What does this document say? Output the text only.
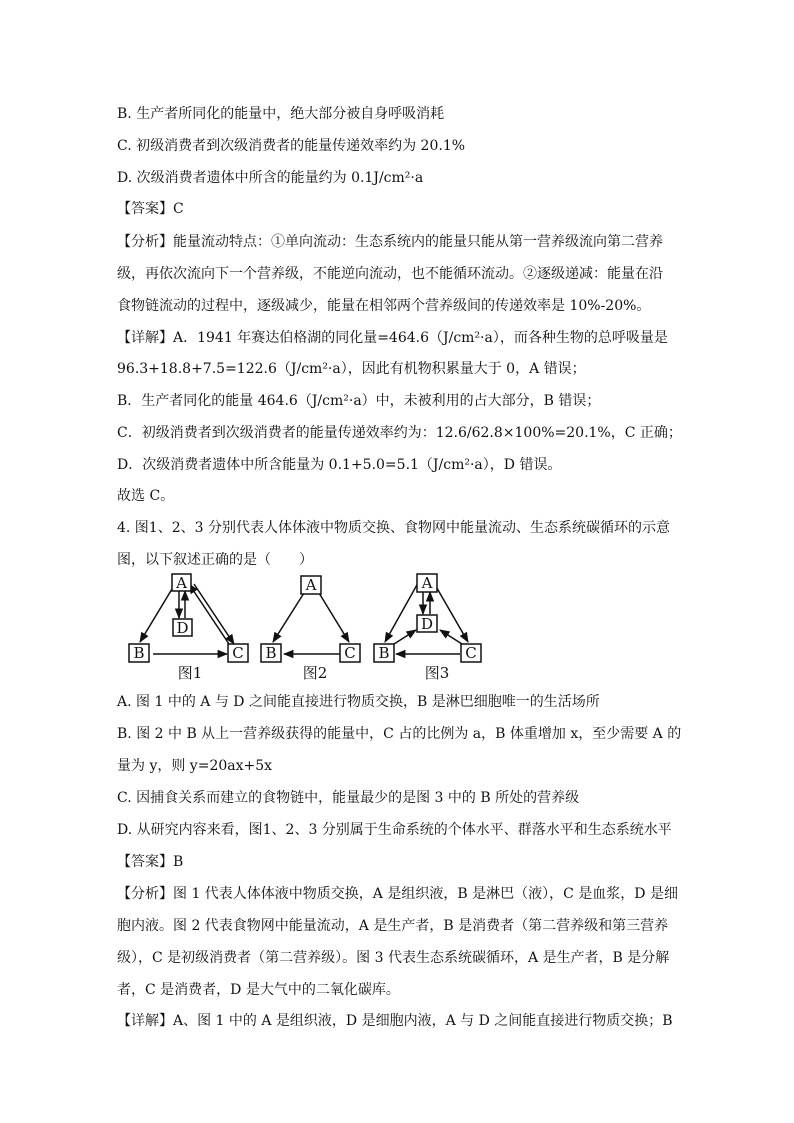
B. 生产者所同化的能量中，绝大部分被自身呼吸消耗
C. 初级消费者到次级消费者的能量传递效率约为 20.1%
D. 次级消费者遗体中所含的能量约为 0.1J/cm²·a
【答案】C
【分析】能量流动特点：①单向流动：生态系统内的能量只能从第一营养级流向第二营养
级，再依次流向下一个营养级，不能逆向流动，也不能循环流动。②逐级递减：能量在沿
食物链流动的过程中，逐级减少，能量在相邻两个营养级间的传递效率是 10%-20%。
【详解】A．1941 年赛达伯格湖的同化量=464.6（J/cm²·a），而各种生物的总呼吸量是
96.3+18.8+7.5=122.6（J/cm²·a），因此有机物积累量大于 0，A 错误；
B．生产者同化的能量 464.6（J/cm²·a）中，未被利用的占大部分，B 错误；
C．初级消费者到次级消费者的能量传递效率约为：12.6/62.8×100%=20.1%，C 正确；
D．次级消费者遗体中所含能量为 0.1+5.0=5.1（J/cm²·a），D 错误。
故选 C。
4. 图1、2、3 分别代表人体体液中物质交换、食物网中能量流动、生态系统碳循环的示意
图，以下叙述正确的是（　　）
A
D
B	C
图1
A
B	C
图2
A
D
B	C
图3
A. 图 1 中的 A 与 D 之间能直接进行物质交换，B 是淋巴细胞唯一的生活场所
B. 图 2 中 B 从上一营养级获得的能量中，C 占的比例为 a，B 体重增加 x，至少需要 A 的
量为 y，则 y=20ax+5x
C. 因捕食关系而建立的食物链中，能量最少的是图 3 中的 B 所处的营养级
D. 从研究内容来看，图1、2、3 分别属于生命系统的个体水平、群落水平和生态系统水平
【答案】B
【分析】图 1 代表人体体液中物质交换，A 是组织液，B 是淋巴（液），C 是血浆，D 是细
胞内液。图 2 代表食物网中能量流动，A 是生产者，B 是消费者（第二营养级和第三营养
级），C 是初级消费者（第二营养级）。图 3 代表生态系统碳循环，A 是生产者，B 是分解
者，C 是消费者，D 是大气中的二氧化碳库。
【详解】A、图 1 中的 A 是组织液，D 是细胞内液，A 与 D 之间能直接进行物质交换；B
